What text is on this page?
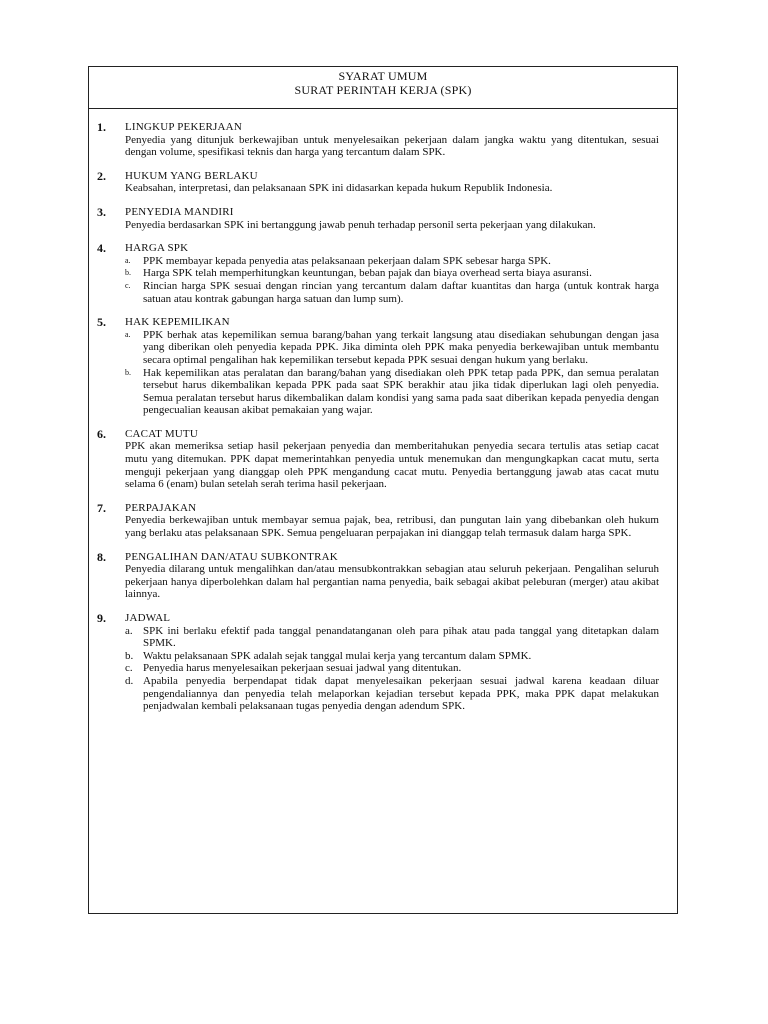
SYARAT UMUM
SURAT PERINTAH KERJA (SPK)
1.	LINGKUP PEKERJAAN
Penyedia yang ditunjuk berkewajiban untuk menyelesaikan pekerjaan dalam jangka waktu yang ditentukan, sesuai dengan volume, spesifikasi teknis dan harga yang tercantum dalam SPK.
2.	HUKUM YANG BERLAKU
Keabsahan, interpretasi, dan pelaksanaan SPK ini didasarkan kepada hukum Republik Indonesia.
3.	PENYEDIA MANDIRI
Penyedia berdasarkan SPK ini bertanggung jawab penuh terhadap personil serta pekerjaan yang dilakukan.
4.	HARGA SPK
a.	PPK membayar kepada penyedia atas pelaksanaan pekerjaan dalam SPK sebesar harga SPK.
b.	Harga SPK telah memperhitungkan keuntungan, beban pajak dan biaya overhead serta biaya asuransi.
c.	Rincian harga SPK sesuai dengan rincian yang tercantum dalam daftar kuantitas dan harga (untuk kontrak harga satuan atau kontrak gabungan harga satuan dan lump sum).
5.	HAK KEPEMILIKAN
a.	PPK berhak atas kepemilikan semua barang/bahan yang terkait langsung atau disediakan sehubungan dengan jasa yang diberikan oleh penyedia kepada PPK. Jika diminta oleh PPK maka penyedia berkewajiban untuk membantu secara optimal pengalihan hak kepemilikan tersebut kepada PPK sesuai dengan hukum yang berlaku.
b.	Hak kepemilikan atas peralatan dan barang/bahan yang disediakan oleh PPK tetap pada PPK, dan semua peralatan tersebut harus dikembalikan kepada PPK pada saat SPK berakhir atau jika tidak diperlukan lagi oleh penyedia. Semua peralatan tersebut harus dikembalikan dalam kondisi yang sama pada saat diberikan kepada penyedia dengan pengecualian keausan akibat pemakaian yang wajar.
6.	CACAT MUTU
PPK akan memeriksa setiap hasil pekerjaan penyedia dan memberitahukan penyedia secara tertulis atas setiap cacat mutu yang ditemukan. PPK dapat memerintahkan penyedia untuk menemukan dan mengungkapkan cacat mutu, serta menguji pekerjaan yang dianggap oleh PPK mengandung cacat mutu. Penyedia bertanggung jawab atas cacat mutu selama 6 (enam) bulan setelah serah terima hasil pekerjaan.
7.	PERPAJAKAN
Penyedia berkewajiban untuk membayar semua pajak, bea, retribusi, dan pungutan lain yang dibebankan oleh hukum yang berlaku atas pelaksanaan SPK. Semua pengeluaran perpajakan ini dianggap telah termasuk dalam harga SPK.
8.	PENGALIHAN DAN/ATAU SUBKONTRAK
Penyedia dilarang untuk mengalihkan dan/atau mensubkontrakkan sebagian atau seluruh pekerjaan. Pengalihan seluruh pekerjaan hanya diperbolehkan dalam hal pergantian nama penyedia, baik sebagai akibat peleburan (merger) atau akibat lainnya.
9.	JADWAL
a. SPK ini berlaku efektif pada tanggal penandatanganan oleh para pihak atau pada tanggal yang ditetapkan dalam SPMK.
b. Waktu pelaksanaan SPK adalah sejak tanggal mulai kerja yang tercantum dalam SPMK.
c. Penyedia harus menyelesaikan pekerjaan sesuai jadwal yang ditentukan.
d. Apabila penyedia berpendapat tidak dapat menyelesaikan pekerjaan sesuai jadwal karena keadaan diluar pengendaliannya dan penyedia telah melaporkan kejadian tersebut kepada PPK, maka PPK dapat melakukan penjadwalan kembali pelaksanaan tugas penyedia dengan adendum SPK.
